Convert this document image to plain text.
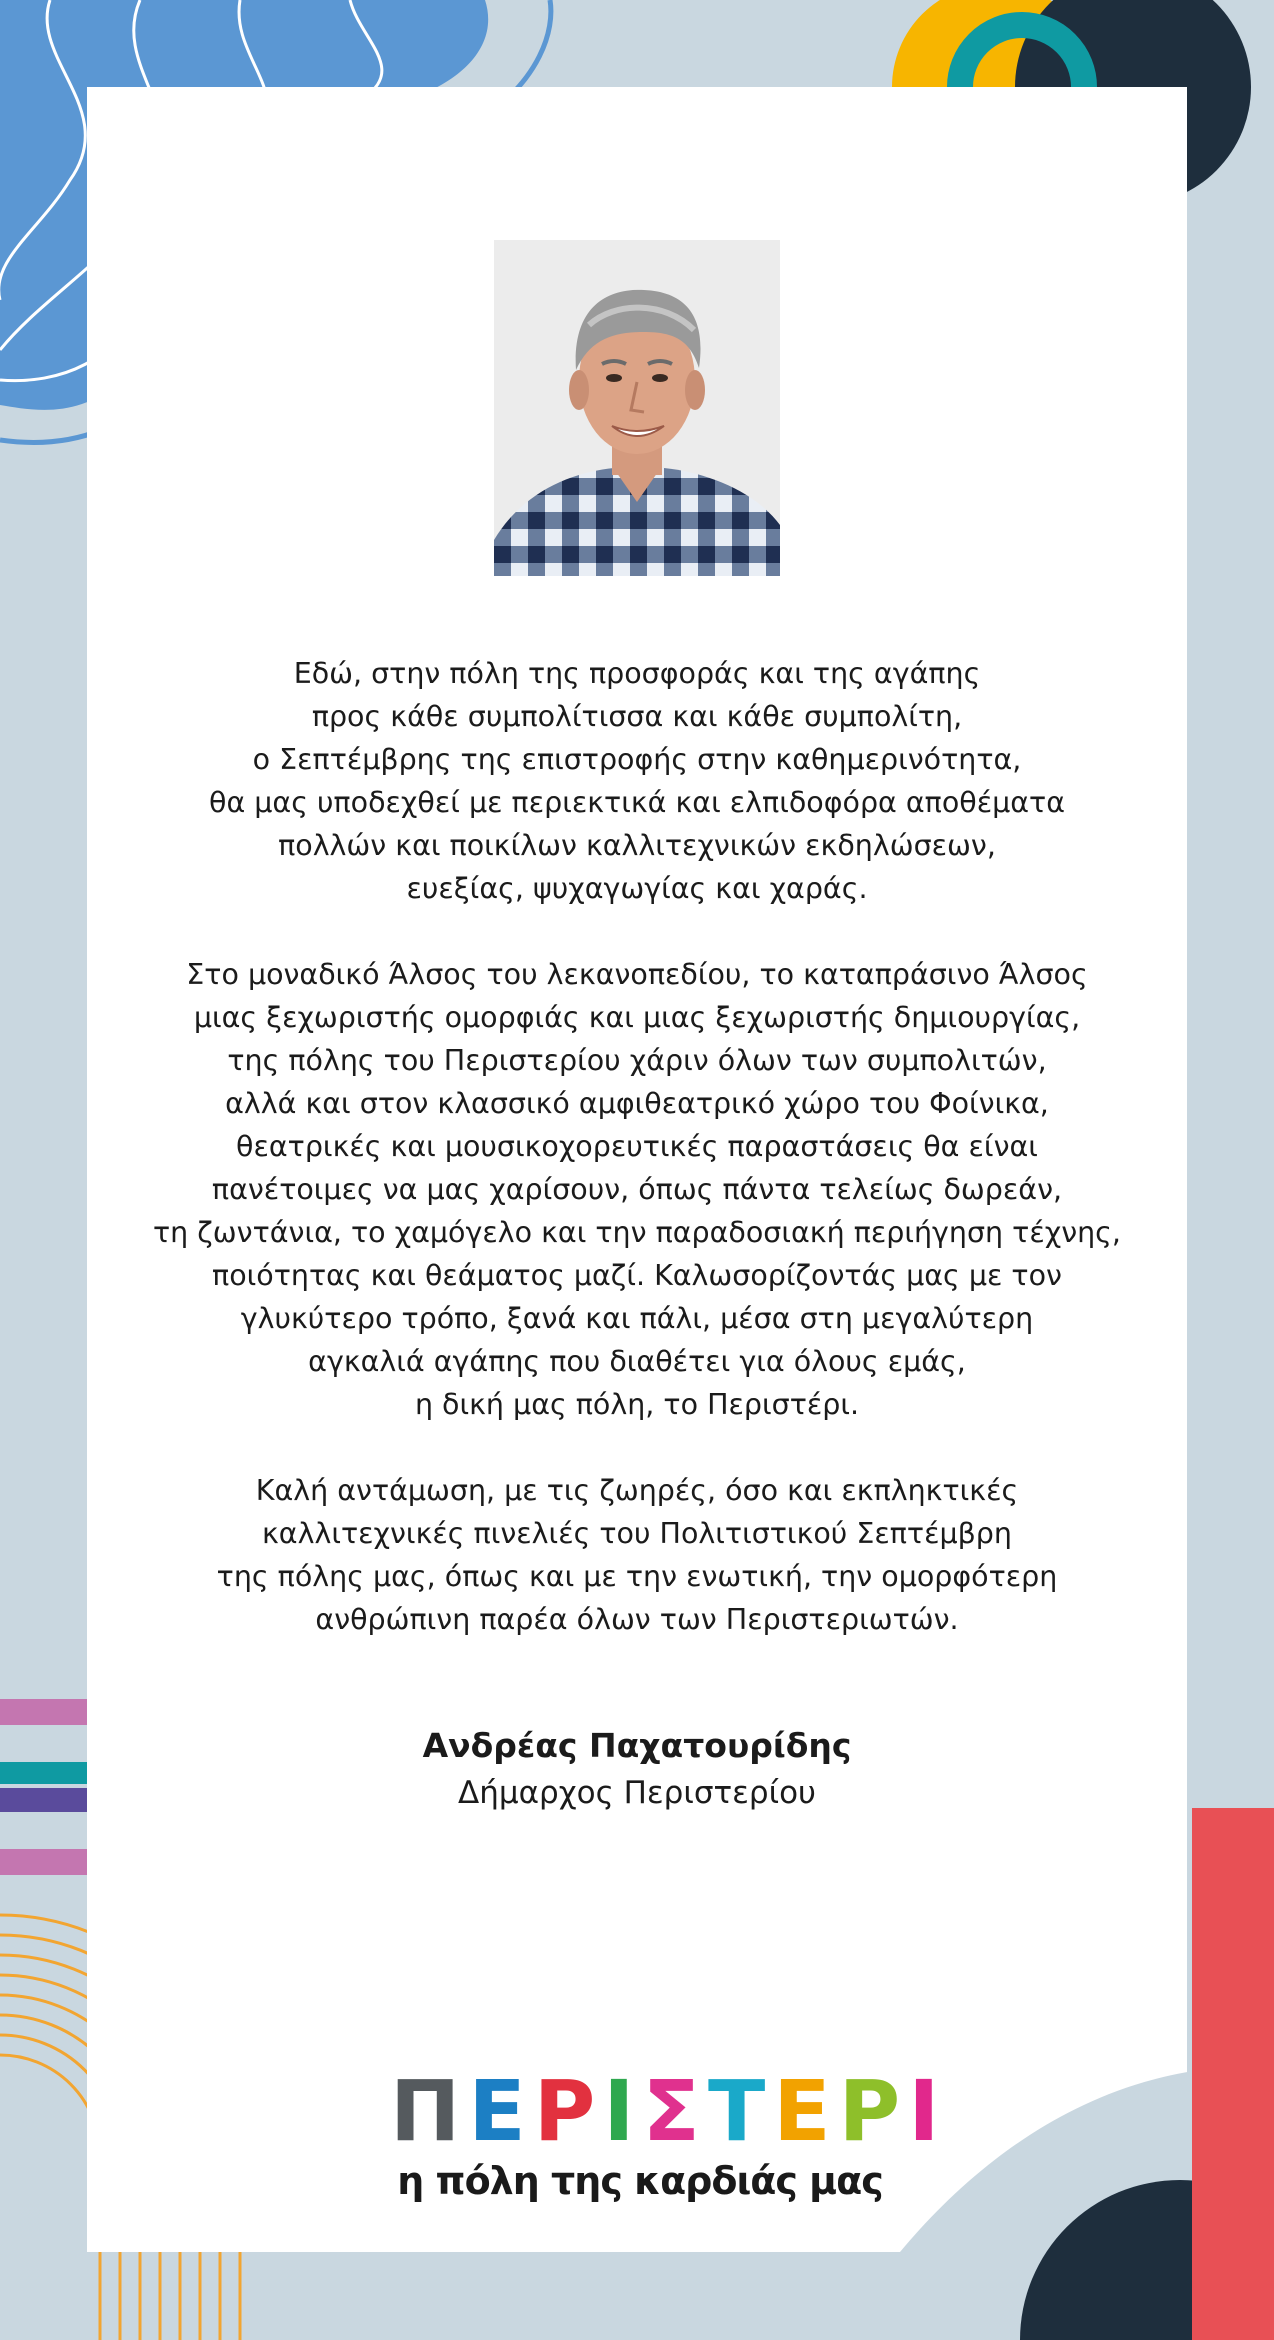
Εδώ, στην πόλη της προσφοράς και της αγάπης
προς κάθε συμπολίτισσα και κάθε συμπολίτη,
ο Σεπτέμβρης της επιστροφής στην καθημερινότητα,
θα μας υποδεχθεί με περιεκτικά και ελπιδοφόρα αποθέματα
πολλών και ποικίλων καλλιτεχνικών εκδηλώσεων,
ευεξίας, ψυχαγωγίας και χαράς.

Στο μοναδικό Άλσος του λεκανοπεδίου, το καταπράσινο Άλσος
μιας ξεχωριστής ομορφιάς και μιας ξεχωριστής δημιουργίας,
της πόλης του Περιστερίου χάριν όλων των συμπολιτών,
αλλά και στον κλασσικό αμφιθεατρικό χώρο του Φοίνικα,
θεατρικές και μουσικοχορευτικές παραστάσεις θα είναι
πανέτοιμες να μας χαρίσουν, όπως πάντα τελείως δωρεάν,
τη ζωντάνια, το χαμόγελο και την παραδοσιακή περιήγηση τέχνης,
ποιότητας και θεάματος μαζί. Καλωσορίζοντάς μας με τον
γλυκύτερο τρόπο, ξανά και πάλι, μέσα στη μεγαλύτερη
αγκαλιά αγάπης που διαθέτει για όλους εμάς,
η δική μας πόλη, το Περιστέρι.

Καλή αντάμωση, με τις ζωηρές, όσο και εκπληκτικές
καλλιτεχνικές πινελιές του Πολιτιστικού Σεπτέμβρη
της πόλης μας, όπως και με την ενωτική, την ομορφότερη
ανθρώπινη παρέα όλων των Περιστεριωτών.

Ανδρέας Παχατουρίδης
Δήμαρχος Περιστερίου
ΠΕΡΙΣΤΕΡΙ
η πόλη της καρδιάς μας
